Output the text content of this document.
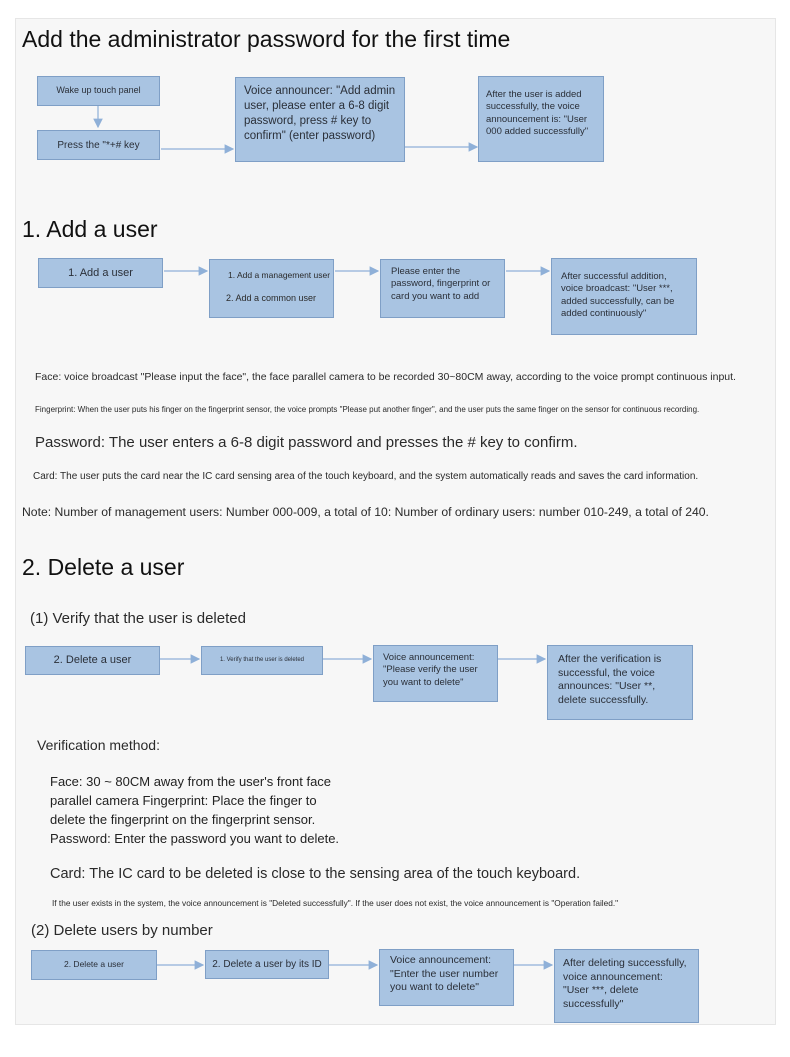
Add the administrator password for the first time
Wake up touch panel
Press the "*+# key
Voice announcer: "Add admin user, please enter a 6-8 digit password, press # key to confirm" (enter password)
After the user is added successfully, the voice announcement is: "User 000 added successfully"
1. Add a user
1. Add a user	1. Add a management user
2. Add a common user
Please enter the password, fingerprint or card you want to add
After successful addition, voice broadcast: "User ***, added successfully, can be added continuously"
Face: voice broadcast "Please input the face", the face parallel camera to be recorded 30~80CM away, according to the voice prompt continuous input.
Fingerprint: When the user puts his finger on the fingerprint sensor, the voice prompts "Please put another finger", and the user puts the same finger on the sensor for continuous recording.
Password: The user enters a 6-8 digit password and presses the # key to confirm.
Card: The user puts the card near the IC card sensing area of the touch keyboard, and the system automatically reads and saves the card information.
Note: Number of management users: Number 000-009, a total of 10: Number of ordinary users: number 010-249, a total of 240.
2. Delete a user
(1) Verify that the user is deleted
2. Delete a user	1. Verify that the user is deleted	Voice announcement: "Please verify the user you want to delete"
After the verification is successful, the voice announces: "User **, delete successfully.
Verification method:
Face: 30 ~ 80CM away from the user's front face parallel camera Fingerprint: Place the finger to delete the fingerprint on the fingerprint sensor. Password: Enter the password you want to delete.
Card: The IC card to be deleted is close to the sensing area of the touch keyboard.
If the user exists in the system, the voice announcement is "Deleted successfully". If the user does not exist, the voice announcement is "Operation failed."
(2) Delete users by number
2. Delete a user	2. Delete a user by its ID	Voice announcement: "Enter the user number you want to delete"
After deleting successfully, voice announcement: "User ***, delete successfully"
